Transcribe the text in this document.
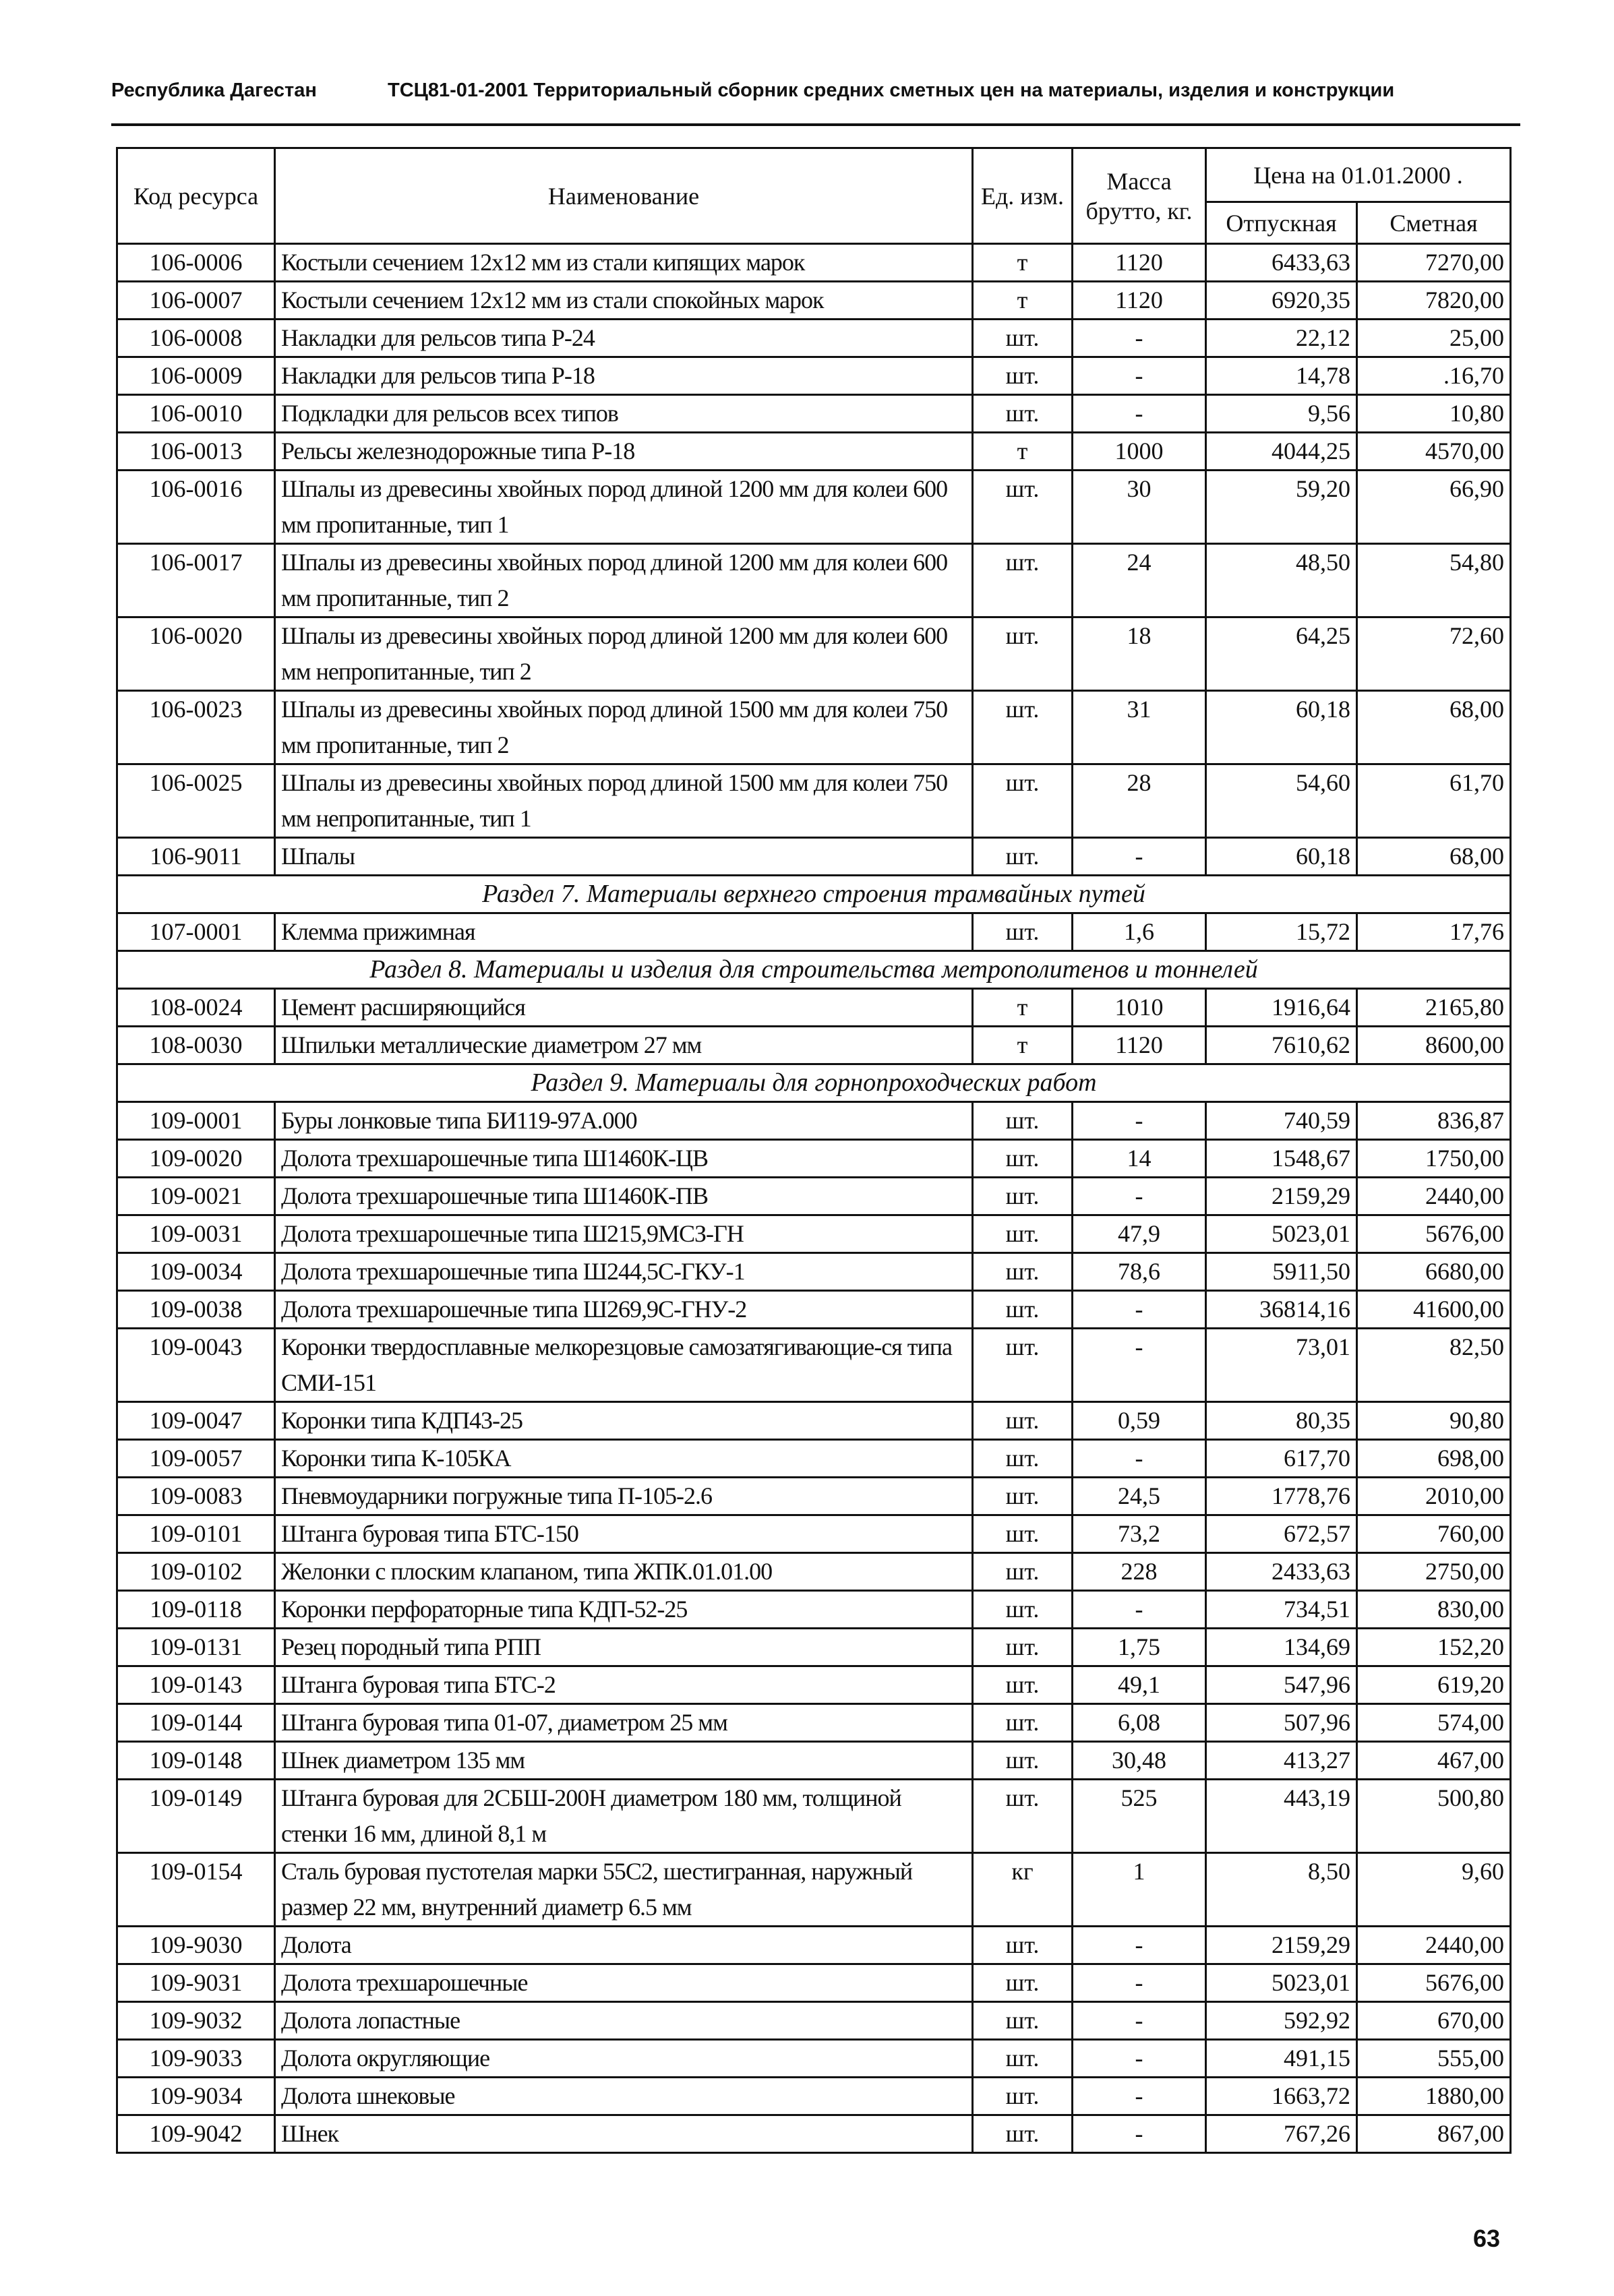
Республика Дагестан	ТСЦ81-01-2001 Территориальный сборник средних сметных цен на материалы, изделия и конструкции
Код ресурса	Наименование	Ед. изм.	Масса брутто, кг.	Цена на 01.01.2000 .	
				Отпускная	Сметная
106-0006	Костыли сечением 12х12 мм из стали кипящих марок	т	1120	6433,63	7270,00
106-0007	Костыли сечением 12х12 мм из стали спокойных марок	т	1120	6920,35	7820,00
106-0008	Накладки для рельсов типа Р-24	шт.	-	22,12	25,00
106-0009	Накладки для рельсов типа Р-18	шт.	-	14,78	.16,70
106-0010	Подкладки для рельсов всех типов	шт.	-	9,56	10,80
106-0013	Рельсы железнодорожные типа Р-18	т	1000	4044,25	4570,00
106-0016	Шпалы из древесины хвойных пород длиной 1200 мм для колеи 600 мм пропитанные, тип 1	шт.	30	59,20	66,90
106-0017	Шпалы из древесины хвойных пород длиной 1200 мм для колеи 600 мм пропитанные, тип 2	шт.	24	48,50	54,80
106-0020	Шпалы из древесины хвойных пород длиной 1200 мм для колеи 600 мм непропитанные, тип 2	шт.	18	64,25	72,60
106-0023	Шпалы из древесины хвойных пород длиной 1500 мм для колеи 750 мм пропитанные, тип 2	шт.	31	60,18	68,00
106-0025	Шпалы из древесины хвойных пород длиной 1500 мм для колеи 750 мм непропитанные, тип 1	шт.	28	54,60	61,70
106-9011	Шпалы	шт.	-	60,18	68,00
Раздел 7. Материалы верхнего строения трамвайных путей					
107-0001	Клемма прижимная	шт.	1,6	15,72	17,76
Раздел 8. Материалы и изделия для строительства метрополитенов и тоннелей					
108-0024	Цемент расширяющийся	т	1010	1916,64	2165,80
108-0030	Шпильки металлические диаметром 27 мм	т	1120	7610,62	8600,00
Раздел 9. Материалы для горнопроходческих работ					
109-0001	Буры лонковые типа БИ119-97А.000	шт.	-	740,59	836,87
109-0020	Долота трехшарошечные типа Ш1460К-ЦВ	шт.	14	1548,67	1750,00
109-0021	Долота трехшарошечные типа Ш1460К-ПВ	шт.	-	2159,29	2440,00
109-0031	Долота трехшарошечные типа Ш215,9МСЗ-ГН	шт.	47,9	5023,01	5676,00
109-0034	Долота трехшарошечные типа Ш244,5С-ГКУ-1	шт.	78,6	5911,50	6680,00
109-0038	Долота трехшарошечные типа Ш269,9С-ГНУ-2	шт.	-	36814,16	41600,00
109-0043	Коронки твердосплавные мелкорезцовые самозатягивающие-ся типа СМИ-151	шт.	-	73,01	82,50
109-0047	Коронки типа КДП43-25	шт.	0,59	80,35	90,80
109-0057	Коронки типа К-105КА	шт.	-	617,70	698,00
109-0083	Пневмоударники погружные типа П-105-2.6	шт.	24,5	1778,76	2010,00
109-0101	Штанга буровая типа БТС-150	шт.	73,2	672,57	760,00
109-0102	Желонки с плоским клапаном, типа ЖПК.01.01.00	шт.	228	2433,63	2750,00
109-0118	Коронки перфораторные типа КДП-52-25	шт.	-	734,51	830,00
109-0131	Резец породный типа РПП	шт.	1,75	134,69	152,20
109-0143	Штанга буровая типа БТС-2	шт.	49,1	547,96	619,20
109-0144	Штанга буровая типа 01-07, диаметром 25 мм	шт.	6,08	507,96	574,00
109-0148	Шнек диаметром 135 мм	шт.	30,48	413,27	467,00
109-0149	Штанга буровая для 2СБШ-200Н диаметром 180 мм, толщиной стенки 16 мм, длиной 8,1 м	шт.	525	443,19	500,80
109-0154	Сталь буровая пустотелая марки 55С2, шестигранная, наружный размер 22 мм, внутренний диаметр 6.5 мм	кг	1	8,50	9,60
109-9030	Долота	шт.	-	2159,29	2440,00
109-9031	Долота трехшарошечные	шт.	-	5023,01	5676,00
109-9032	Долота лопастные	шт.	-	592,92	670,00
109-9033	Долота округляющие	шт.	-	491,15	555,00
109-9034	Долота шнековые	шт.	-	1663,72	1880,00
109-9042	Шнек	шт.	-	767,26	867,00
63
